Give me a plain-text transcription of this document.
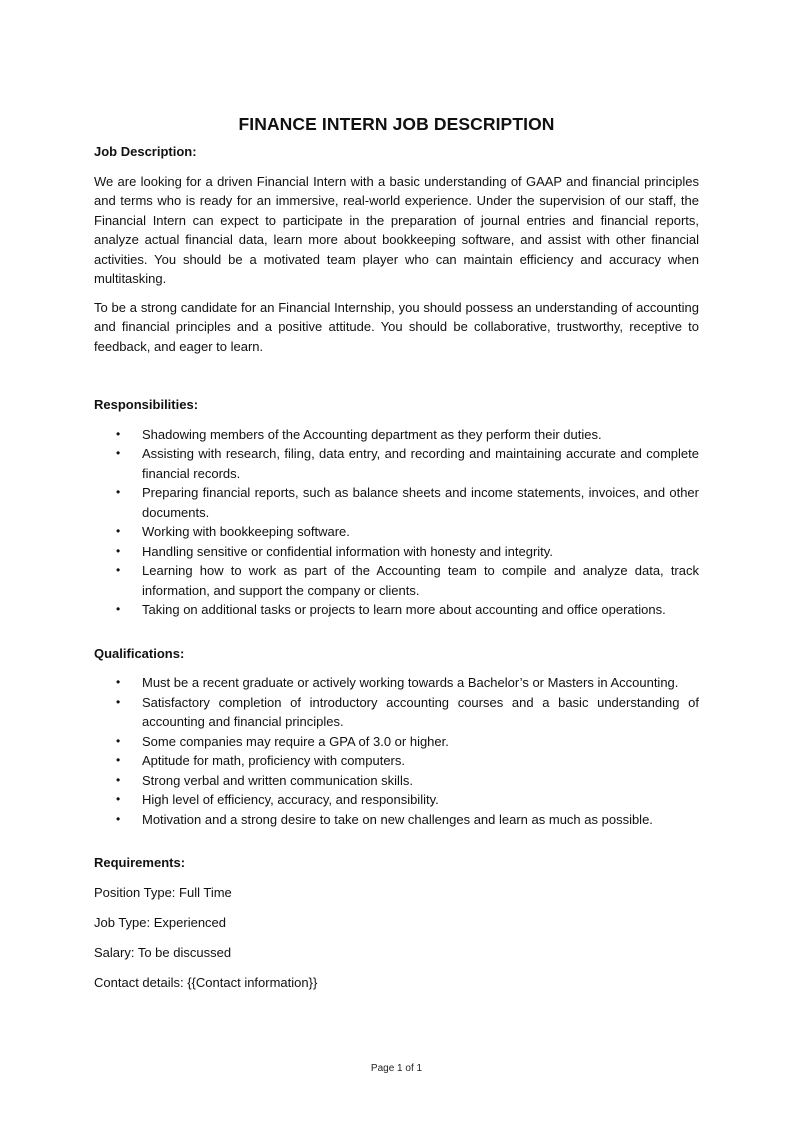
FINANCE INTERN JOB DESCRIPTION
Job Description:

We are looking for a driven Financial Intern with a basic understanding of GAAP and financial principles and terms who is ready for an immersive, real-world experience. Under the supervision of our staff, the Financial Intern can expect to participate in the preparation of journal entries and financial reports, analyze actual financial data, learn more about bookkeeping software, and assist with other financial activities. You should be a motivated team player who can maintain efficiency and accuracy when multitasking.

To be a strong candidate for an Financial Internship, you should possess an understanding of accounting and financial principles and a positive attitude. You should be collaborative, trustworthy, receptive to feedback, and eager to learn.

Responsibilities:
• Shadowing members of the Accounting department as they perform their duties.
• Assisting with research, filing, data entry, and recording and maintaining accurate and complete financial records.
• Preparing financial reports, such as balance sheets and income statements, invoices, and other documents.
• Working with bookkeeping software.
• Handling sensitive or confidential information with honesty and integrity.
• Learning how to work as part of the Accounting team to compile and analyze data, track information, and support the company or clients.
• Taking on additional tasks or projects to learn more about accounting and office operations.
Qualifications:
• Must be a recent graduate or actively working towards a Bachelor’s or Masters in Accounting.
• Satisfactory completion of introductory accounting courses and a basic understanding of accounting and financial principles.
• Some companies may require a GPA of 3.0 or higher.
• Aptitude for math, proficiency with computers.
• Strong verbal and written communication skills.
• High level of efficiency, accuracy, and responsibility.
• Motivation and a strong desire to take on new challenges and learn as much as possible.
Requirements:
Position Type: Full Time
Job Type: Experienced
Salary: To be discussed
Contact details: {{Contact information}}
Page 1 of 1
